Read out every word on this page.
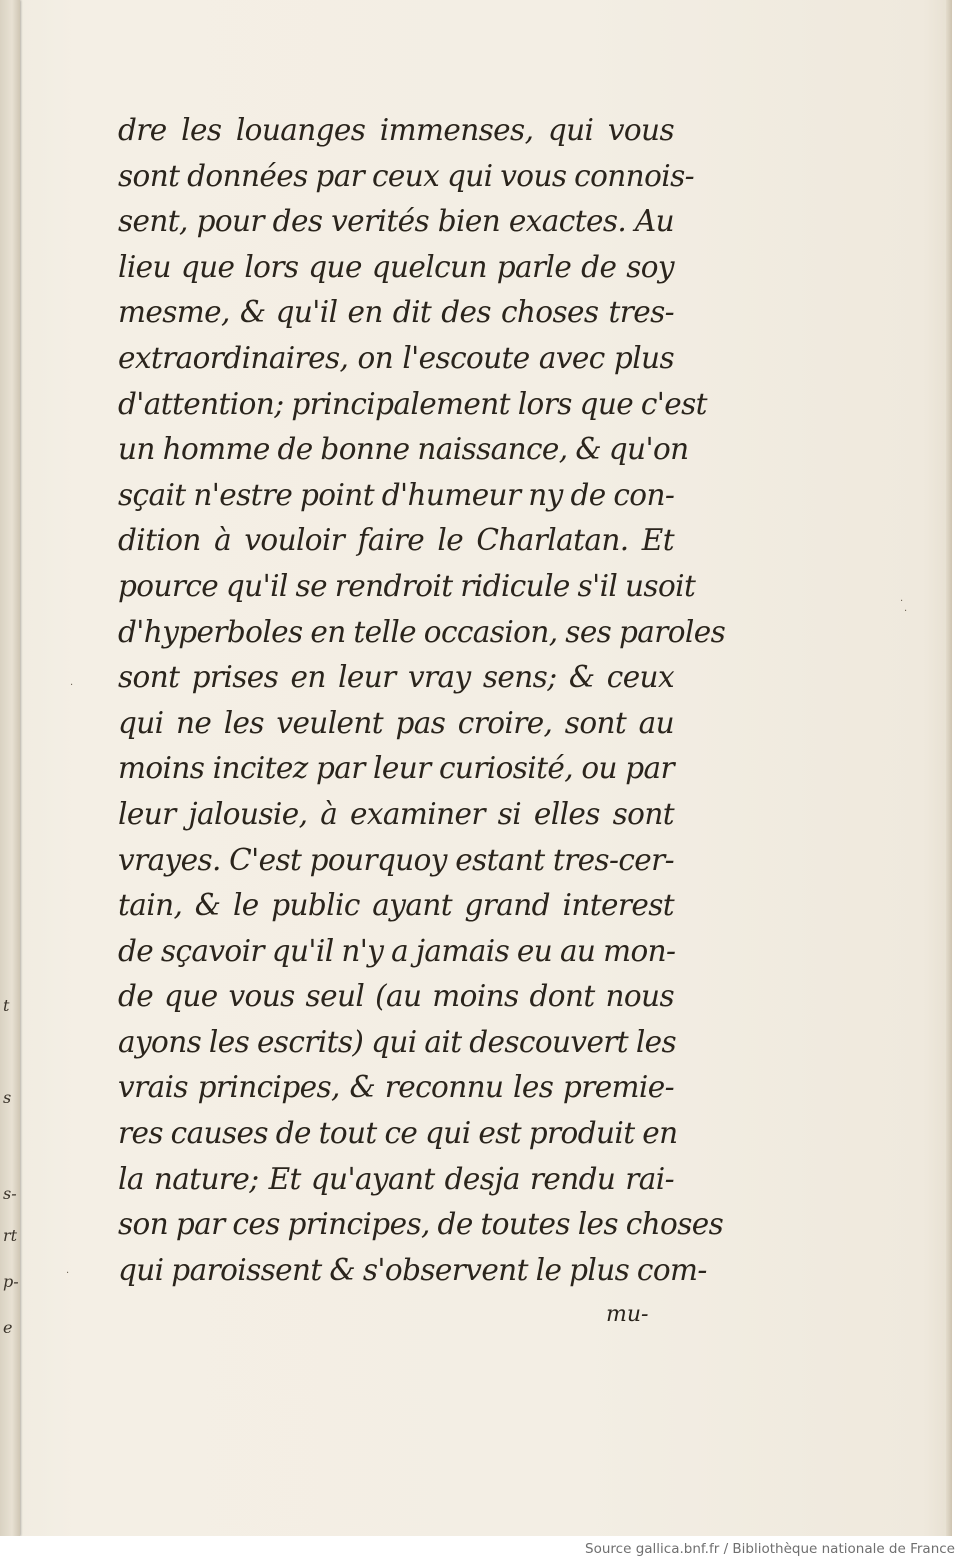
t
s
s-
rt
p-
e
·
·
·
·
dre les louanges immenses, qui vous
sont données par ceux qui vous connois-
sent, pour des verités bien exactes. Au
lieu que lors que quelcun parle de soy
mesme, & qu'il en dit des choses tres-
extraordinaires, on l'escoute avec plus
d'attention; principalement lors que c'est
un homme de bonne naissance, & qu'on
sçait n'estre point d'humeur ny de con-
dition à vouloir faire le Charlatan. Et
pource qu'il se rendroit ridicule s'il usoit
d'hyperboles en telle occasion, ses paroles
sont prises en leur vray sens; & ceux
qui ne les veulent pas croire, sont au
moins incitez par leur curiosité, ou par
leur jalousie, à examiner si elles sont
vrayes. C'est pourquoy estant tres-cer-
tain, & le public ayant grand interest
de sçavoir qu'il n'y a jamais eu au mon-
de que vous seul (au moins dont nous
ayons les escrits) qui ait descouvert les
vrais principes, & reconnu les premie-
res causes de tout ce qui est produit en
la nature; Et qu'ayant desja rendu rai-
son par ces principes, de toutes les choses
qui paroissent & s'observent le plus com-
mu-
Source gallica.bnf.fr / Bibliothèque nationale de France
